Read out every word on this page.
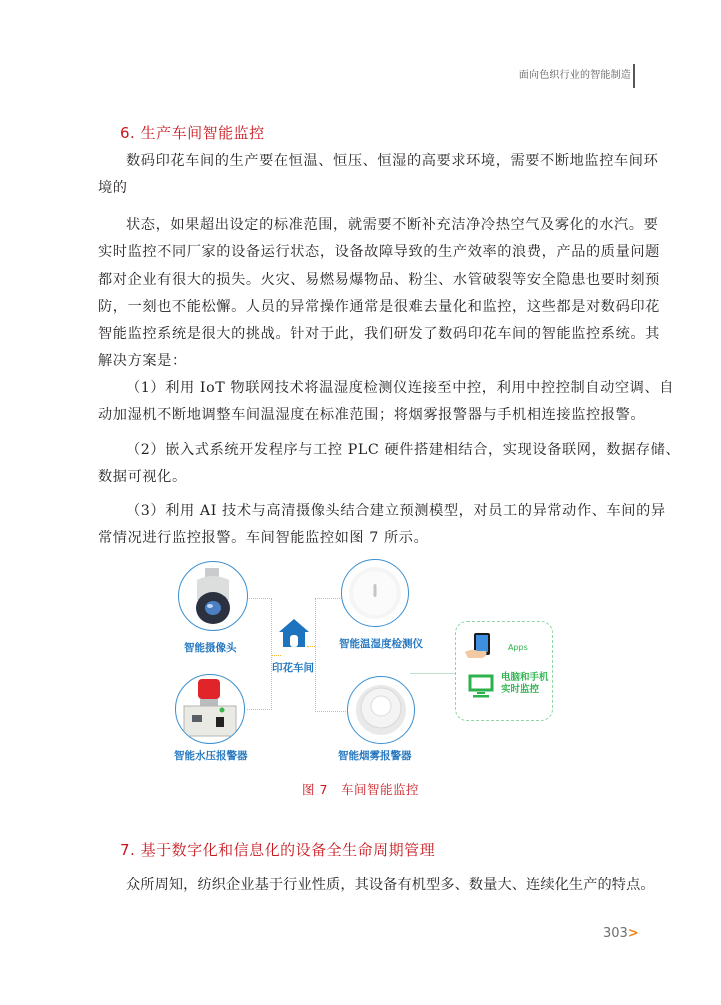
面向色织行业的智能制造
6. 生产车间智能监控
数码印花车间的生产要在恒温、恒压、恒湿的高要求环境，需要不断地监控车间环
境的
状态，如果超出设定的标准范围，就需要不断补充洁净冷热空气及雾化的水汽。要
实时监控不同厂家的设备运行状态，设备故障导致的生产效率的浪费，产品的质量问题
都对企业有很大的损失。火灾、易燃易爆物品、粉尘、水管破裂等安全隐患也要时刻预
防，一刻也不能松懈。人员的异常操作通常是很难去量化和监控，这些都是对数码印花
智能监控系统是很大的挑战。针对于此，我们研发了数码印花车间的智能监控系统。其
解决方案是：
（1）利用 IoT 物联网技术将温湿度检测仪连接至中控，利用中控控制自动空调、自
动加湿机不断地调整车间温湿度在标准范围；将烟雾报警器与手机相连接监控报警。
（2）嵌入式系统开发程序与工控 PLC 硬件搭建相结合，实现设备联网，数据存储、
数据可视化。
（3）利用 AI 技术与高清摄像头结合建立预测模型，对员工的异常动作、车间的异
常情况进行监控报警。车间智能监控如图 7 所示。
智能摄像头
智能水压报警器
印花车间
智能温湿度检测仪
智能烟雾报警器
Apps
电脑和手机
实时监控
图 7　车间智能监控
7. 基于数字化和信息化的设备全生命周期管理
众所周知，纺织企业基于行业性质，其设备有机型多、数量大、连续化生产的特点。
303>
